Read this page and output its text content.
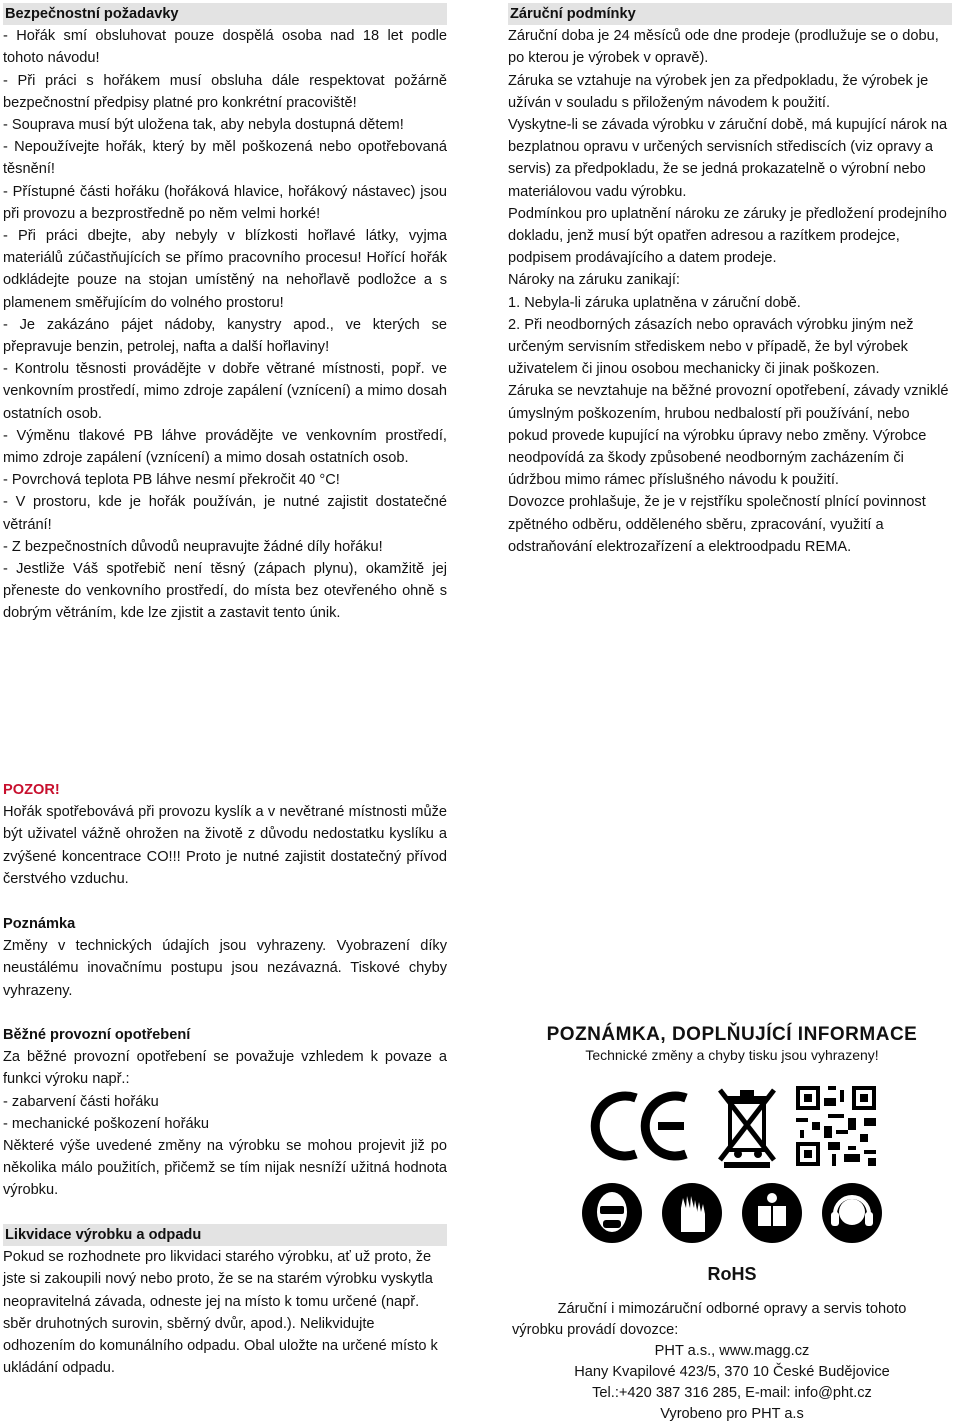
Bezpečnostní požadavky

- Hořák smí obsluhovat pouze dospělá osoba nad 18 let podle tohoto návodu!

- Při práci s hořákem musí obsluha dále respektovat požárně bezpečnostní předpisy platné pro konkrétní pracoviště!

- Souprava musí být uložena tak, aby nebyla dostupná dětem!

- Nepoužívejte hořák, který by měl poškozená nebo opotřebovaná těsnění!

- Přístupné části hořáku (hořáková hlavice, hořákový nástavec) jsou při provozu a bezprostředně po něm velmi horké!

- Při práci dbejte, aby nebyly v blízkosti hořlavé látky, vyjma materiálů zúčastňujících se přímo pracovního procesu! Hořící hořák odkládejte pouze na stojan umístěný na nehořlavě podložce a s plamenem směřujícím do volného prostoru!

- Je zakázáno pájet nádoby, kanystry apod., ve kterých se přepravuje benzin, petrolej, nafta a další hořlaviny!

- Kontrolu těsnosti provádějte v dobře větrané místnosti, popř. ve venkovním prostředí, mimo zdroje zapálení (vznícení) a mimo dosah ostatních osob.

- Výměnu tlakové PB láhve provádějte ve venkovním prostředí, mimo zdroje zapálení (vznícení) a mimo dosah ostatních osob.

- Povrchová teplota PB láhve nesmí překročit 40 °C!

- V prostoru, kde je hořák používán, je nutné zajistit dostatečné větrání!

- Z bezpečnostních důvodů neupravujte žádné díly hořáku!

- Jestliže Váš spotřebič není těsný (zápach plynu), okamžitě jej přeneste do venkovního prostředí, do místa bez otevřeného ohně s dobrým větráním, kde lze zjistit a zastavit tento únik.

POZOR!

Hořák spotřebovává při provozu kyslík a v nevětrané místnosti může být uživatel vážně ohrožen na životě z důvodu nedostatku kyslíku a zvýšené koncentrace CO!!! Proto je nutné zajistit dostatečný přívod čerstvého vzduchu.

Poznámka

Změny v technických údajích jsou vyhrazeny. Vyobrazení díky neustálému inovačnímu postupu jsou nezávazná. Tiskové chyby vyhrazeny.

Běžné provozní opotřebení

Za běžné provozní opotřebení se považuje vzhledem k povaze a funkci výroku např.:

- zabarvení části hořáku

- mechanické poškození hořáku

Některé výše uvedené změny na výrobku se mohou projevit již po několika málo použitích, přičemž se tím nijak nesníží užitná hodnota výrobku.

Likvidace výrobku a odpadu

Pokud se rozhodnete pro likvidaci starého výrobku, ať už proto, že jste si zakoupili nový nebo proto, že se na starém výrobku vyskytla neopravitelná závada, odneste jej na místo k tomu určené (např. sběr druhotných surovin, sběrný dvůr, apod.). Nelikvidujte odhozením do komunálního odpadu. Obal uložte na určené místo k ukládání odpadu.

Záruční podmínky

Záruční doba je 24 měsíců ode dne prodeje (prodlužuje se o dobu, po kterou je výrobek v opravě).

Záruka se vztahuje na výrobek jen za předpokladu, že výrobek je užíván v souladu s přiloženým návodem k použití.

Vyskytne-li se závada výrobku v záruční době, má kupující nárok na bezplatnou opravu v určených servisních střediscích (viz opravy a servis) za předpokladu, že se jedná prokazatelně o výrobní nebo materiálovou vadu výrobku.

Podmínkou pro uplatnění nároku ze záruky je předložení prodejního dokladu, jenž musí být opatřen adresou a razítkem prodejce, podpisem prodávajícího a datem prodeje.

Nároky na záruku zanikají:

1. Nebyla-li záruka uplatněna v záruční době.

2. Při neodborných zásazích nebo opravách výrobku jiným než určeným servisním střediskem nebo v případě, že byl výrobek uživatelem či jinou osobou mechanicky či jinak poškozen.

Záruka se nevztahuje na běžné provozní opotřebení, závady vzniklé úmyslným poškozením, hrubou nedbalostí při používání, nebo pokud provede kupující na výrobku úpravy nebo změny. Výrobce neodpovídá za škody způsobené neodborným zacházením či údržbou mimo rámec příslušného návodu k použití.

Dovozce prohlašuje, že je v rejstříku společností plnící povinnost zpětného odběru, odděleného sběru, zpracování, využití a odstraňování elektrozařízení a elektroodpadu REMA.

POZNÁMKA, DOPLŇUJÍCÍ INFORMACE
Technické změny a chyby tisku jsou vyhrazeny!
RoHS
Záruční i mimozáruční odborné opravy a servis tohoto
výrobku provádí dovozce:
PHT a.s., www.magg.cz
Hany Kvapilové 423/5, 370 10 České Budějovice
Tel.:+420 387 316 285, E-mail: info@pht.cz
Vyrobeno pro PHT a.s
